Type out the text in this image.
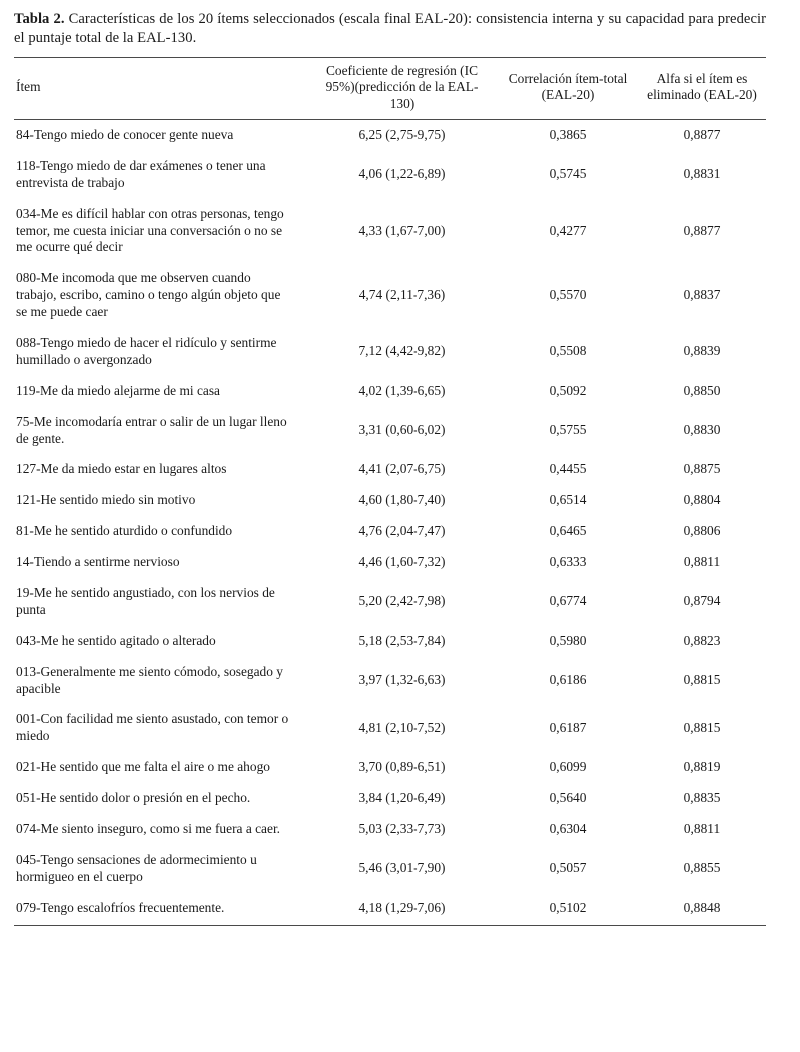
Tabla 2. Características de los 20 ítems seleccionados (escala final EAL-20): consistencia interna y su capacidad para predecir el puntaje total de la EAL-130.

Ítem	Coeficiente de regresión (IC 95%)(predicción de la EAL-130)	Correlación ítem-total (EAL-20)	Alfa si el ítem es eliminado (EAL-20)
84-Tengo miedo de conocer gente nueva	6,25 (2,75-9,75)	0,3865	0,8877
118-Tengo miedo de dar exámenes o tener una entrevista de trabajo	4,06 (1,22-6,89)	0,5745	0,8831
034-Me es difícil hablar con otras personas, tengo temor, me cuesta iniciar una conversación o no se me ocurre qué decir	4,33 (1,67-7,00)	0,4277	0,8877
080-Me incomoda que me observen cuando trabajo, escribo, camino o tengo algún objeto que se me puede caer	4,74 (2,11-7,36)	0,5570	0,8837
088-Tengo miedo de hacer el ridículo y sentirme humillado o avergonzado	7,12 (4,42-9,82)	0,5508	0,8839
119-Me da miedo alejarme de mi casa	4,02 (1,39-6,65)	0,5092	0,8850
75-Me incomodaría entrar o salir de un lugar lleno de gente.	3,31 (0,60-6,02)	0,5755	0,8830
127-Me da miedo estar en lugares altos	4,41 (2,07-6,75)	0,4455	0,8875
121-He sentido miedo sin motivo	4,60 (1,80-7,40)	0,6514	0,8804
81-Me he sentido aturdido o confundido	4,76 (2,04-7,47)	0,6465	0,8806
14-Tiendo a sentirme nervioso	4,46 (1,60-7,32)	0,6333	0,8811
19-Me he sentido angustiado, con los nervios de punta	5,20 (2,42-7,98)	0,6774	0,8794
043-Me he sentido agitado o alterado	5,18 (2,53-7,84)	0,5980	0,8823
013-Generalmente me siento cómodo, sosegado y apacible	3,97 (1,32-6,63)	0,6186	0,8815
001-Con facilidad me siento asustado, con temor o miedo	4,81 (2,10-7,52)	0,6187	0,8815
021-He sentido que me falta el aire o me ahogo	3,70 (0,89-6,51)	0,6099	0,8819
051-He sentido dolor o presión en el pecho.	3,84 (1,20-6,49)	0,5640	0,8835
074-Me siento inseguro, como si me fuera a caer.	5,03 (2,33-7,73)	0,6304	0,8811
045-Tengo sensaciones de adormecimiento u hormigueo en el cuerpo	5,46 (3,01-7,90)	0,5057	0,8855
079-Tengo escalofríos frecuentemente.	4,18 (1,29-7,06)	0,5102	0,8848
